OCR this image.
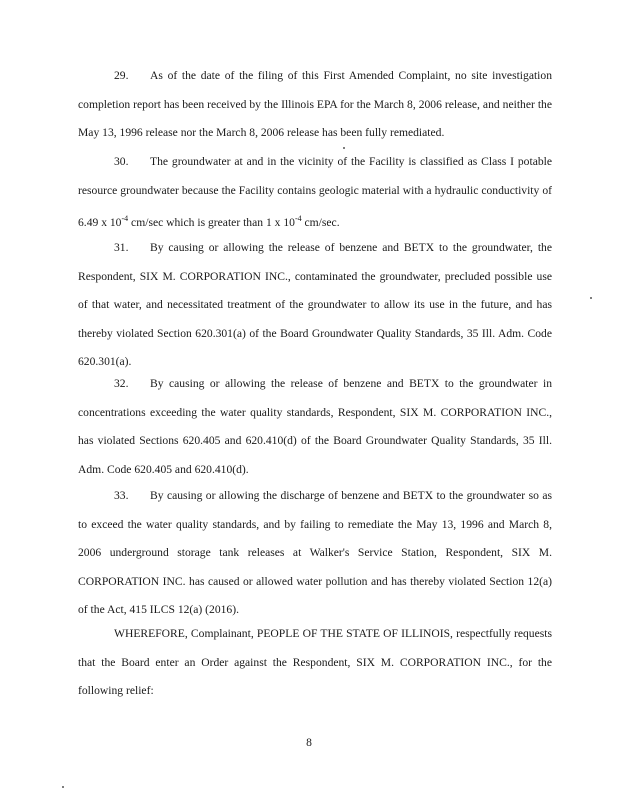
29. As of the date of the filing of this First Amended Complaint, no site investigation completion report has been received by the Illinois EPA for the March 8, 2006 release, and neither the May 13, 1996 release nor the March 8, 2006 release has been fully remediated.

30. The groundwater at and in the vicinity of the Facility is classified as Class I potable resource groundwater because the Facility contains geologic material with a hydraulic conductivity of 6.49 x $10^{-4}$ cm/sec which is greater than 1 x $10^{-4}$ cm/sec.

31. By causing or allowing the release of benzene and BETX to the groundwater, the Respondent, SIX M. CORPORATION INC., contaminated the groundwater, precluded possible use of that water, and necessitated treatment of the groundwater to allow its use in the future, and has thereby violated Section 620.301(a) of the Board Groundwater Quality Standards, 35 Ill. Adm. Code 620.301(a).

32. By causing or allowing the release of benzene and BETX to the groundwater in concentrations exceeding the water quality standards, Respondent, SIX M. CORPORATION INC., has violated Sections 620.405 and 620.410(d) of the Board Groundwater Quality Standards, 35 Ill. Adm. Code 620.405 and 620.410(d).

33. By causing or allowing the discharge of benzene and BETX to the groundwater so as to exceed the water quality standards, and by failing to remediate the May 13, 1996 and March 8, 2006 underground storage tank releases at Walker's Service Station, Respondent, SIX M. CORPORATION INC. has caused or allowed water pollution and has thereby violated Section 12(a) of the Act, 415 ILCS 12(a) (2016).

WHEREFORE, Complainant, PEOPLE OF THE STATE OF ILLINOIS, respectfully requests that the Board enter an Order against the Respondent, SIX M. CORPORATION INC., for the following relief:

8
